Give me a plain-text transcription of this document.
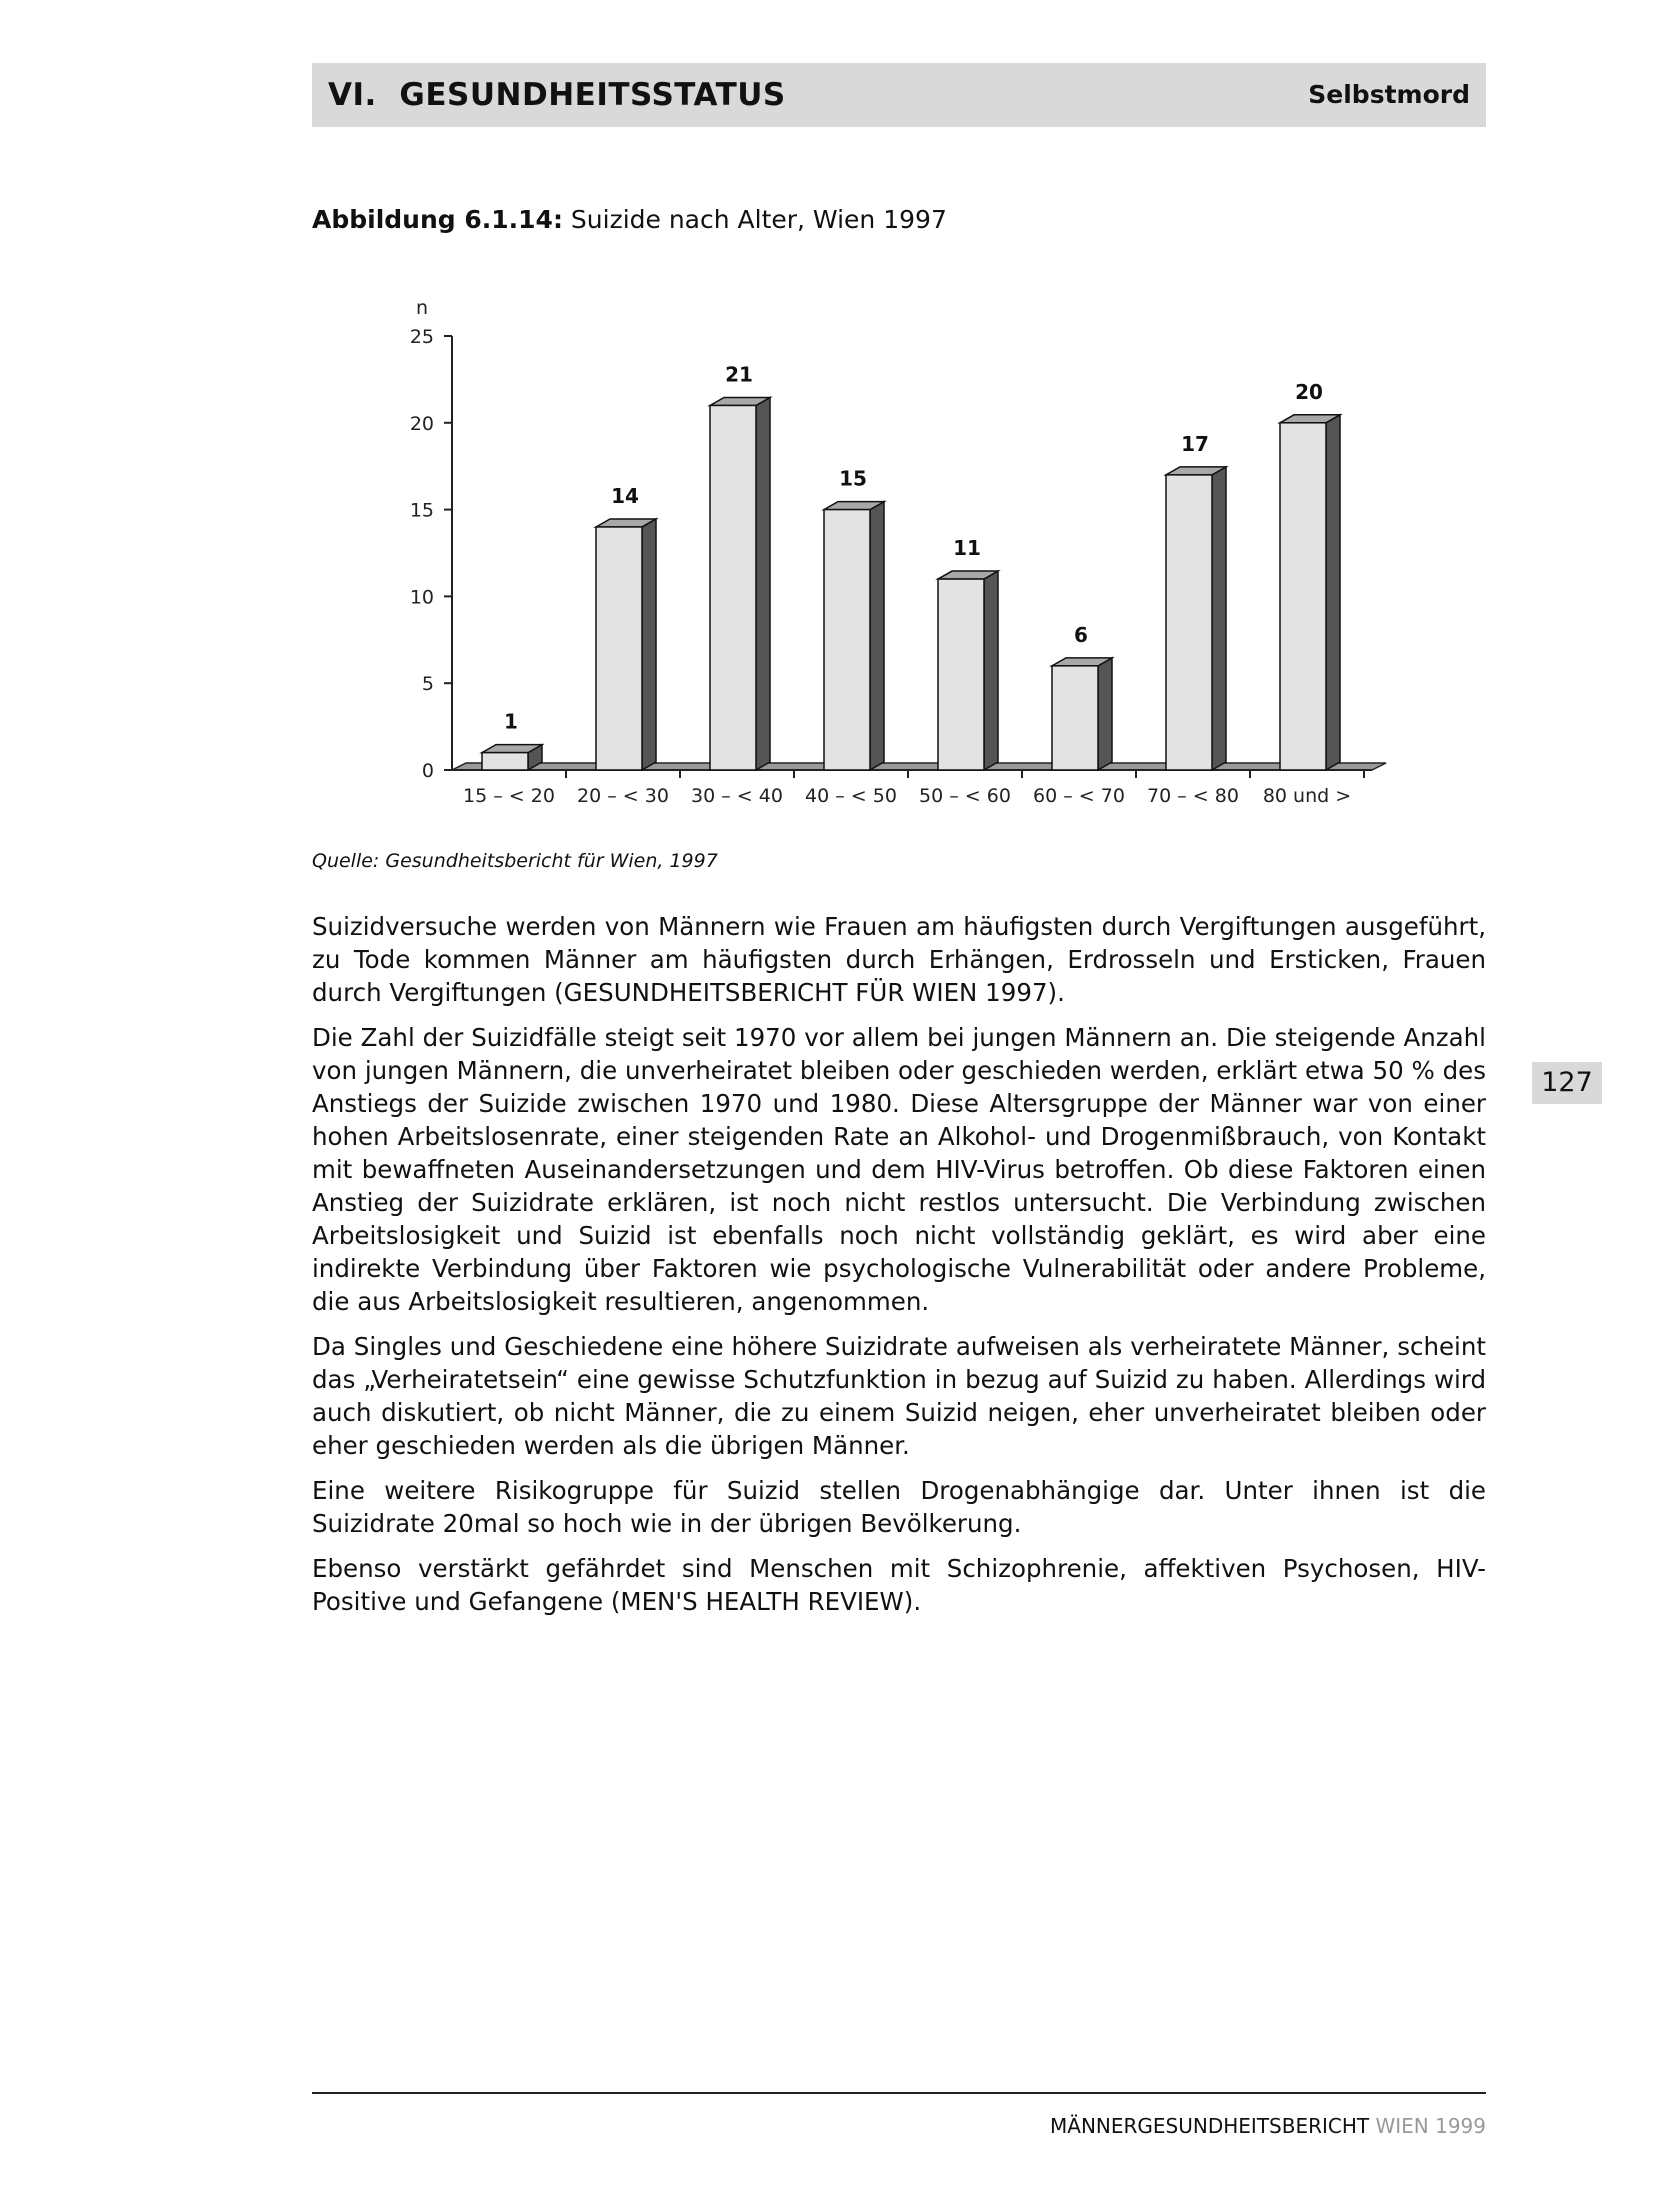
VI. GESUNDHEITSSTATUS	Selbstmord
Abbildung 6.1.14: Suizide nach Alter, Wien 1997
n
0
5
10
15
20
25
1
15 – < 20
14
20 – < 30
21
30 – < 40
15
40 – < 50
11
50 – < 60
6
60 – < 70
17
70 – < 80
20
80 und >
Quelle: Gesundheitsbericht für Wien, 1997

Suizidversuche werden von Männern wie Frauen am häufigsten durch Vergiftungen ausgeführt, zu Tode kommen Männer am häufigsten durch Erhängen, Erdrosseln und Ersticken, Frauen durch Vergiftungen (GESUNDHEITSBERICHT FÜR WIEN 1997).

Die Zahl der Suizidfälle steigt seit 1970 vor allem bei jungen Männern an. Die steigende Anzahl von jungen Männern, die unverheiratet bleiben oder geschieden werden, erklärt etwa 50 % des Anstiegs der Suizide zwischen 1970 und 1980. Diese Altersgruppe der Männer war von einer hohen Arbeitslosenrate, einer steigenden Rate an Alkohol- und Drogenmißbrauch, von Kontakt mit bewaffneten Auseinandersetzungen und dem HIV-Virus betroffen. Ob diese Faktoren einen Anstieg der Suizidrate erklären, ist noch nicht restlos untersucht. Die Verbindung zwischen Arbeitslosigkeit und Suizid ist ebenfalls noch nicht vollständig geklärt, es wird aber eine indirekte Verbindung über Faktoren wie psychologische Vulnerabilität oder andere Probleme, die aus Arbeitslosigkeit resultieren, angenommen.

Da Singles und Geschiedene eine höhere Suizidrate aufweisen als verheiratete Männer, scheint das „Verheiratetsein“ eine gewisse Schutzfunktion in bezug auf Suizid zu haben. Allerdings wird auch diskutiert, ob nicht Männer, die zu einem Suizid neigen, eher unverheiratet bleiben oder eher geschieden werden als die übrigen Männer.

Eine weitere Risikogruppe für Suizid stellen Drogenabhängige dar. Unter ihnen ist die Suizidrate 20mal so hoch wie in der übrigen Bevölkerung.

Ebenso verstärkt gefährdet sind Menschen mit Schizophrenie, affektiven Psychosen, HIV-Positive und Gefangene (MEN'S HEALTH REVIEW).

127
MÄNNERGESUNDHEITSBERICHT WIEN 1999
